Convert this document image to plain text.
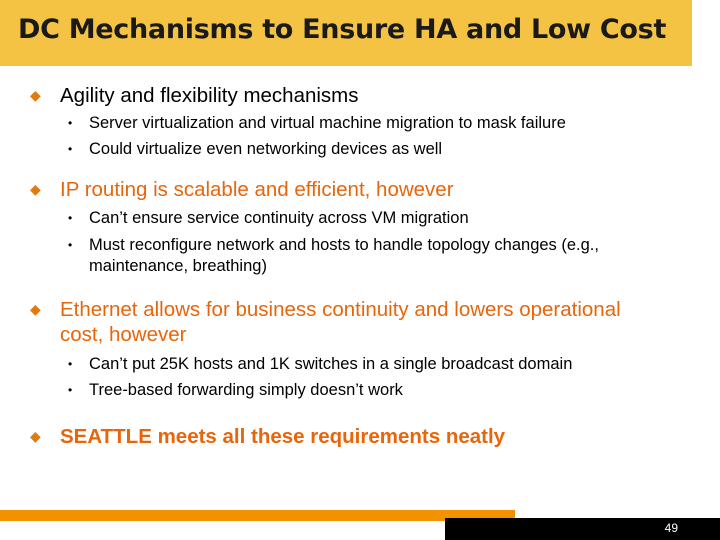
DC Mechanisms to Ensure HA and Low Cost
◆ Agility and flexibility mechanisms
•	Server virtualization and virtual machine migration to mask failure
•	Could virtualize even networking devices as well
◆ IP routing is scalable and efficient, however
•	Can’t ensure service continuity across VM migration
•	Must reconfigure network and hosts to handle topology changes (e.g., maintenance, breathing)
◆ Ethernet allows for business continuity and lowers operational cost, however
•	Can’t put 25K hosts and 1K switches in a single broadcast domain
•	Tree-based forwarding simply doesn’t work
◆ SEATTLE meets all these requirements neatly
49
